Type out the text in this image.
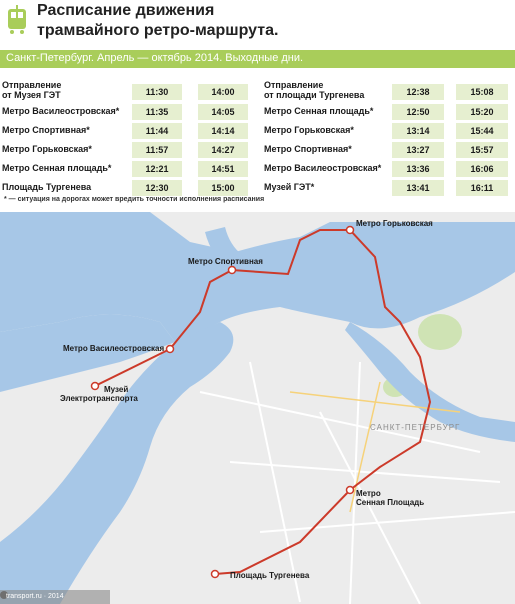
Расписание движения
трамвайного ретро-маршрута.
Санкт-Петербург. Апрель — октябрь 2014. Выходные дни.
Отправление
от Музея ГЭТ	11:30	14:00
Метро Василеостровская*	11:35	14:05
Метро Спортивная*	11:44	14:14
Метро Горьковская*	11:57	14:27
Метро Сенная площадь*	12:21	14:51
Площадь Тургенева	12:30	15:00
Отправление
от площади Тургенева	12:38	15:08
Метро Сенная площадь*	12:50	15:20
Метро Горьковская*	13:14	15:44
Метро Спортивная*	13:27	15:57
Метро Василеостровская*	13:36	16:06
Музей ГЭТ*	13:41	16:11
* — ситуация на дорогах может вредить точности исполнения расписания
Метро Горьковская
Метро Спортивная
Метро Василеостровская
Музей
Электротранспорта
Метро
Сенная Площадь
Площадь Тургенева
САНКТ-ПЕТЕРБУРГ
transport.ru · 2014
